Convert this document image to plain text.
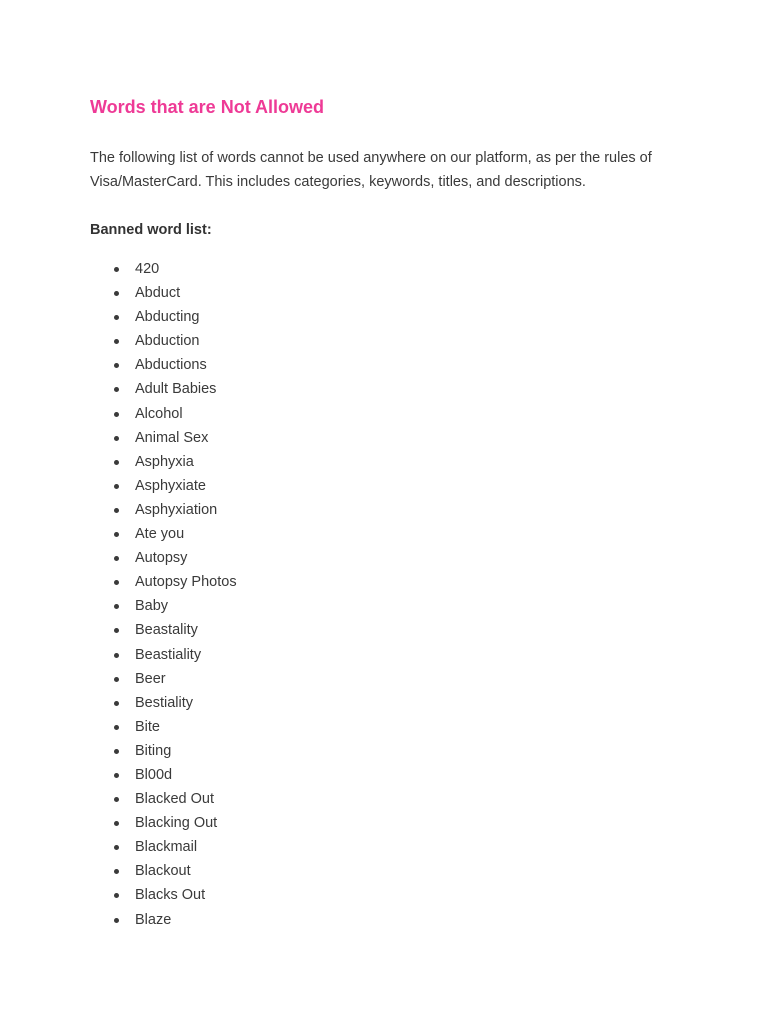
Words that are Not Allowed

The following list of words cannot be used anywhere on our platform, as per the rules of
Visa/MasterCard. This includes categories, keywords, titles, and descriptions.

Banned word list:

420
Abduct
Abducting
Abduction
Abductions
Adult Babies
Alcohol
Animal Sex
Asphyxia
Asphyxiate
Asphyxiation
Ate you
Autopsy
Autopsy Photos
Baby
Beastality
Beastiality
Beer
Bestiality
Bite
Biting
Bl00d
Blacked Out
Blacking Out
Blackmail
Blackout
Blacks Out
Blaze
